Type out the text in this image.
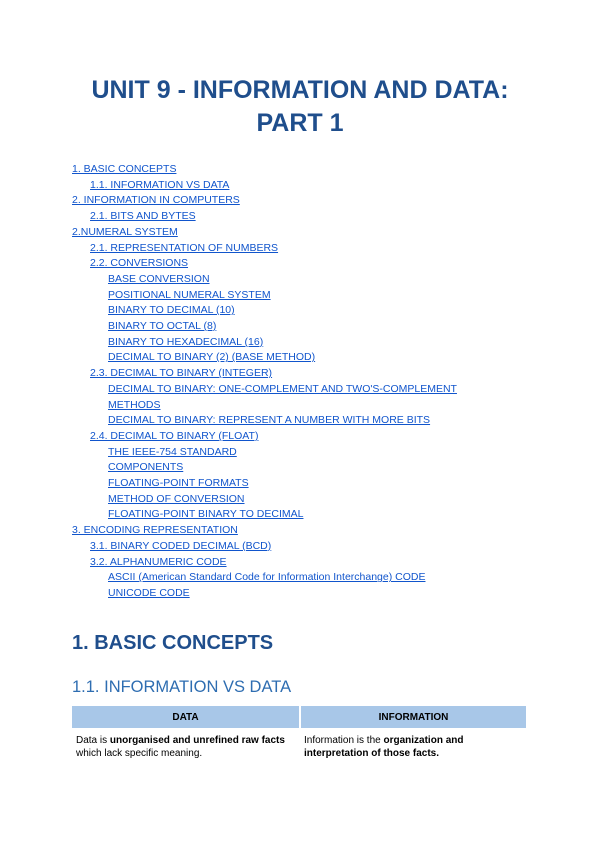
UNIT 9 - INFORMATION AND DATA:
PART 1
1. BASIC CONCEPTS
1.1. INFORMATION VS DATA
2. INFORMATION IN COMPUTERS
2.1. BITS AND BYTES
2.NUMERAL SYSTEM
2.1. REPRESENTATION OF NUMBERS
2.2. CONVERSIONS
BASE CONVERSION
POSITIONAL NUMERAL SYSTEM
BINARY TO DECIMAL (10)
BINARY TO OCTAL (8)
BINARY TO HEXADECIMAL (16)
DECIMAL TO BINARY (2) (BASE METHOD)
2.3. DECIMAL TO BINARY (INTEGER)
DECIMAL TO BINARY: ONE-COMPLEMENT AND TWO'S-COMPLEMENT METHODS
DECIMAL TO BINARY: REPRESENT A NUMBER WITH MORE BITS
2.4. DECIMAL TO BINARY (FLOAT)
THE IEEE-754 STANDARD
COMPONENTS
FLOATING-POINT FORMATS
METHOD OF CONVERSION
FLOATING-POINT BINARY TO DECIMAL
3. ENCODING REPRESENTATION
3.1. BINARY CODED DECIMAL (BCD)
3.2. ALPHANUMERIC CODE
ASCII (American Standard Code for Information Interchange) CODE
UNICODE CODE
1. BASIC CONCEPTS
1.1. INFORMATION VS DATA
DATA	INFORMATION
Data is unorganised and unrefined raw facts which lack specific meaning.	Information is the organization and interpretation of those facts.
